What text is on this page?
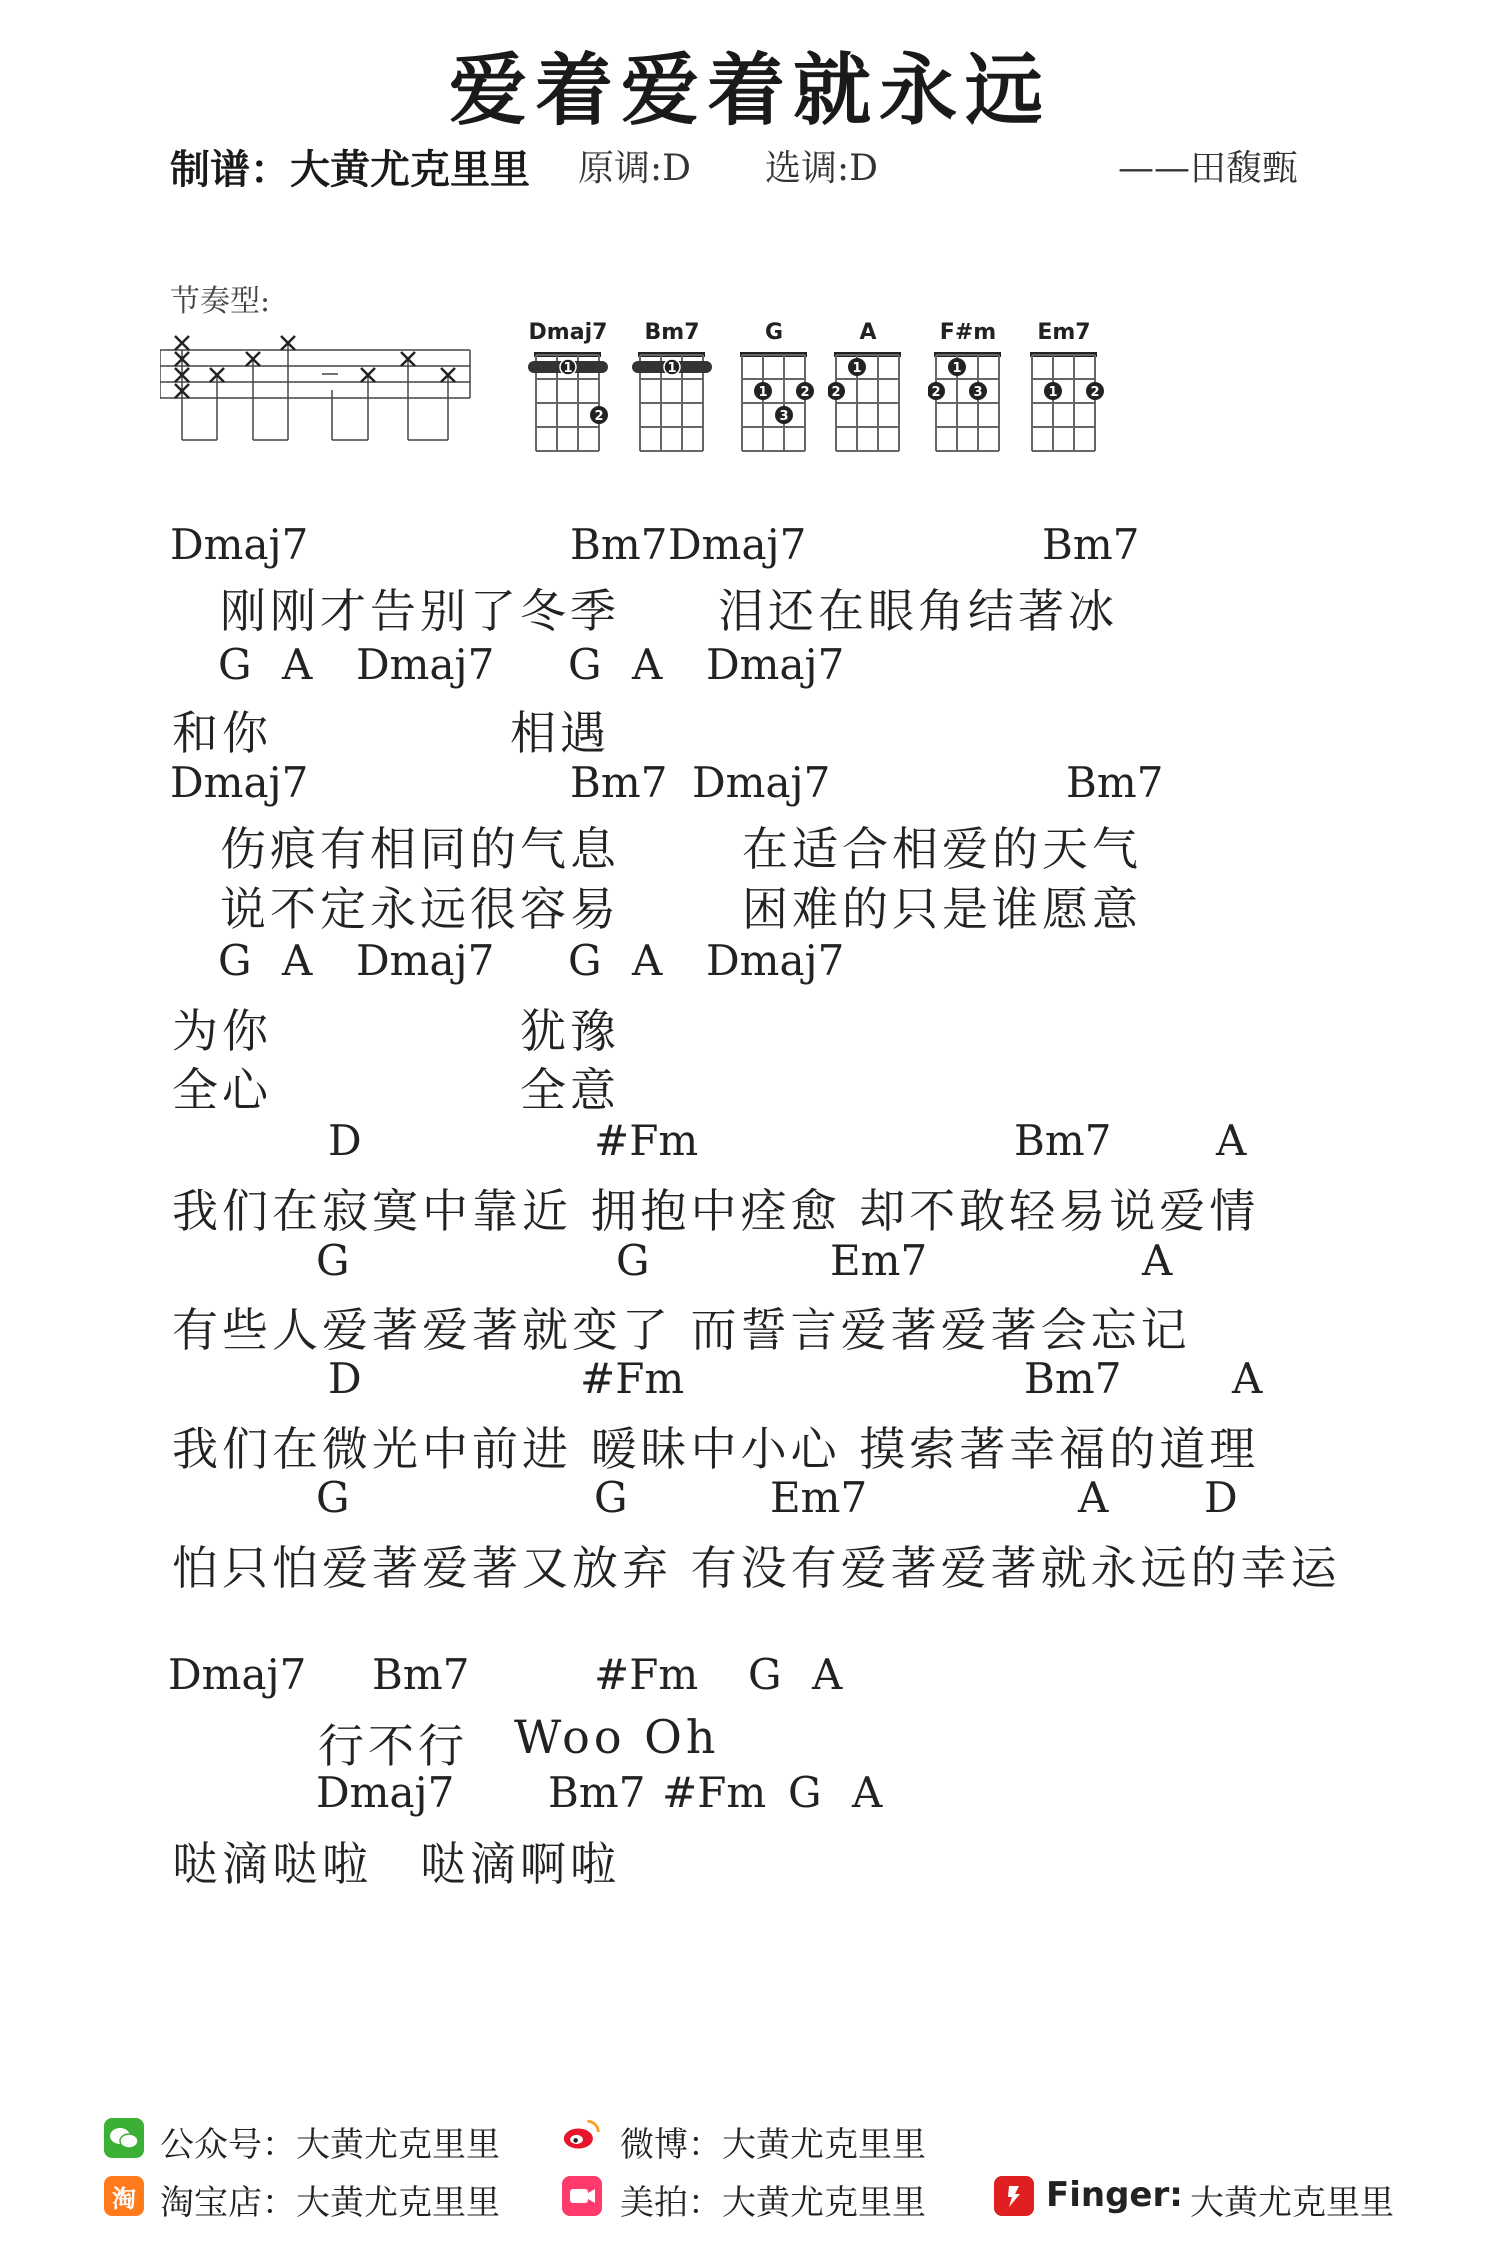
爱着爱着就永远
制谱：大黄尤克里里 原调:D 选调:D	——田馥甄
节奏型:
Dmaj7
1
2
Bm7
1
G
1
3
2
A
2
1
F#m
2
1
3
Em7
1	2
Dmaj7	Bm7 Dmaj7	Bm7
刚刚才告别了冬季 泪还在眼角结著冰
G A Dmaj7 G A Dmaj7
和你	相遇
Dmaj7	Bm7 Dmaj7	Bm7
伤痕有相同的气息	在适合相爱的天气
说不定永远很容易	困难的只是谁愿意
G A Dmaj7 G A Dmaj7
为你	犹豫
全心	全意
D	#Fm	Bm7 A
我们在寂寞中靠近 拥抱中痊愈 却不敢轻易说爱情
G	G	Em7	A
有些人爱著爱著就变了 而誓言爱著爱著会忘记
D	#Fm	Bm7	A
我们在微光中前进 暧昧中小心 摸索著幸福的道理
G	G	Em7	A D
怕只怕爱著爱著又放弃 有没有爱著爱著就永远的幸运
Dmaj7 Bm7	#Fm G A
行不行 Woo Oh
Dmaj7 Bm7 #Fm G A
哒滴哒啦 哒滴啊啦
公众号：大黄尤克里里	微博：大黄尤克里里
淘 淘宝店：大黄尤克里里	美拍：大黄尤克里里	Finger: 大黄尤克里里
